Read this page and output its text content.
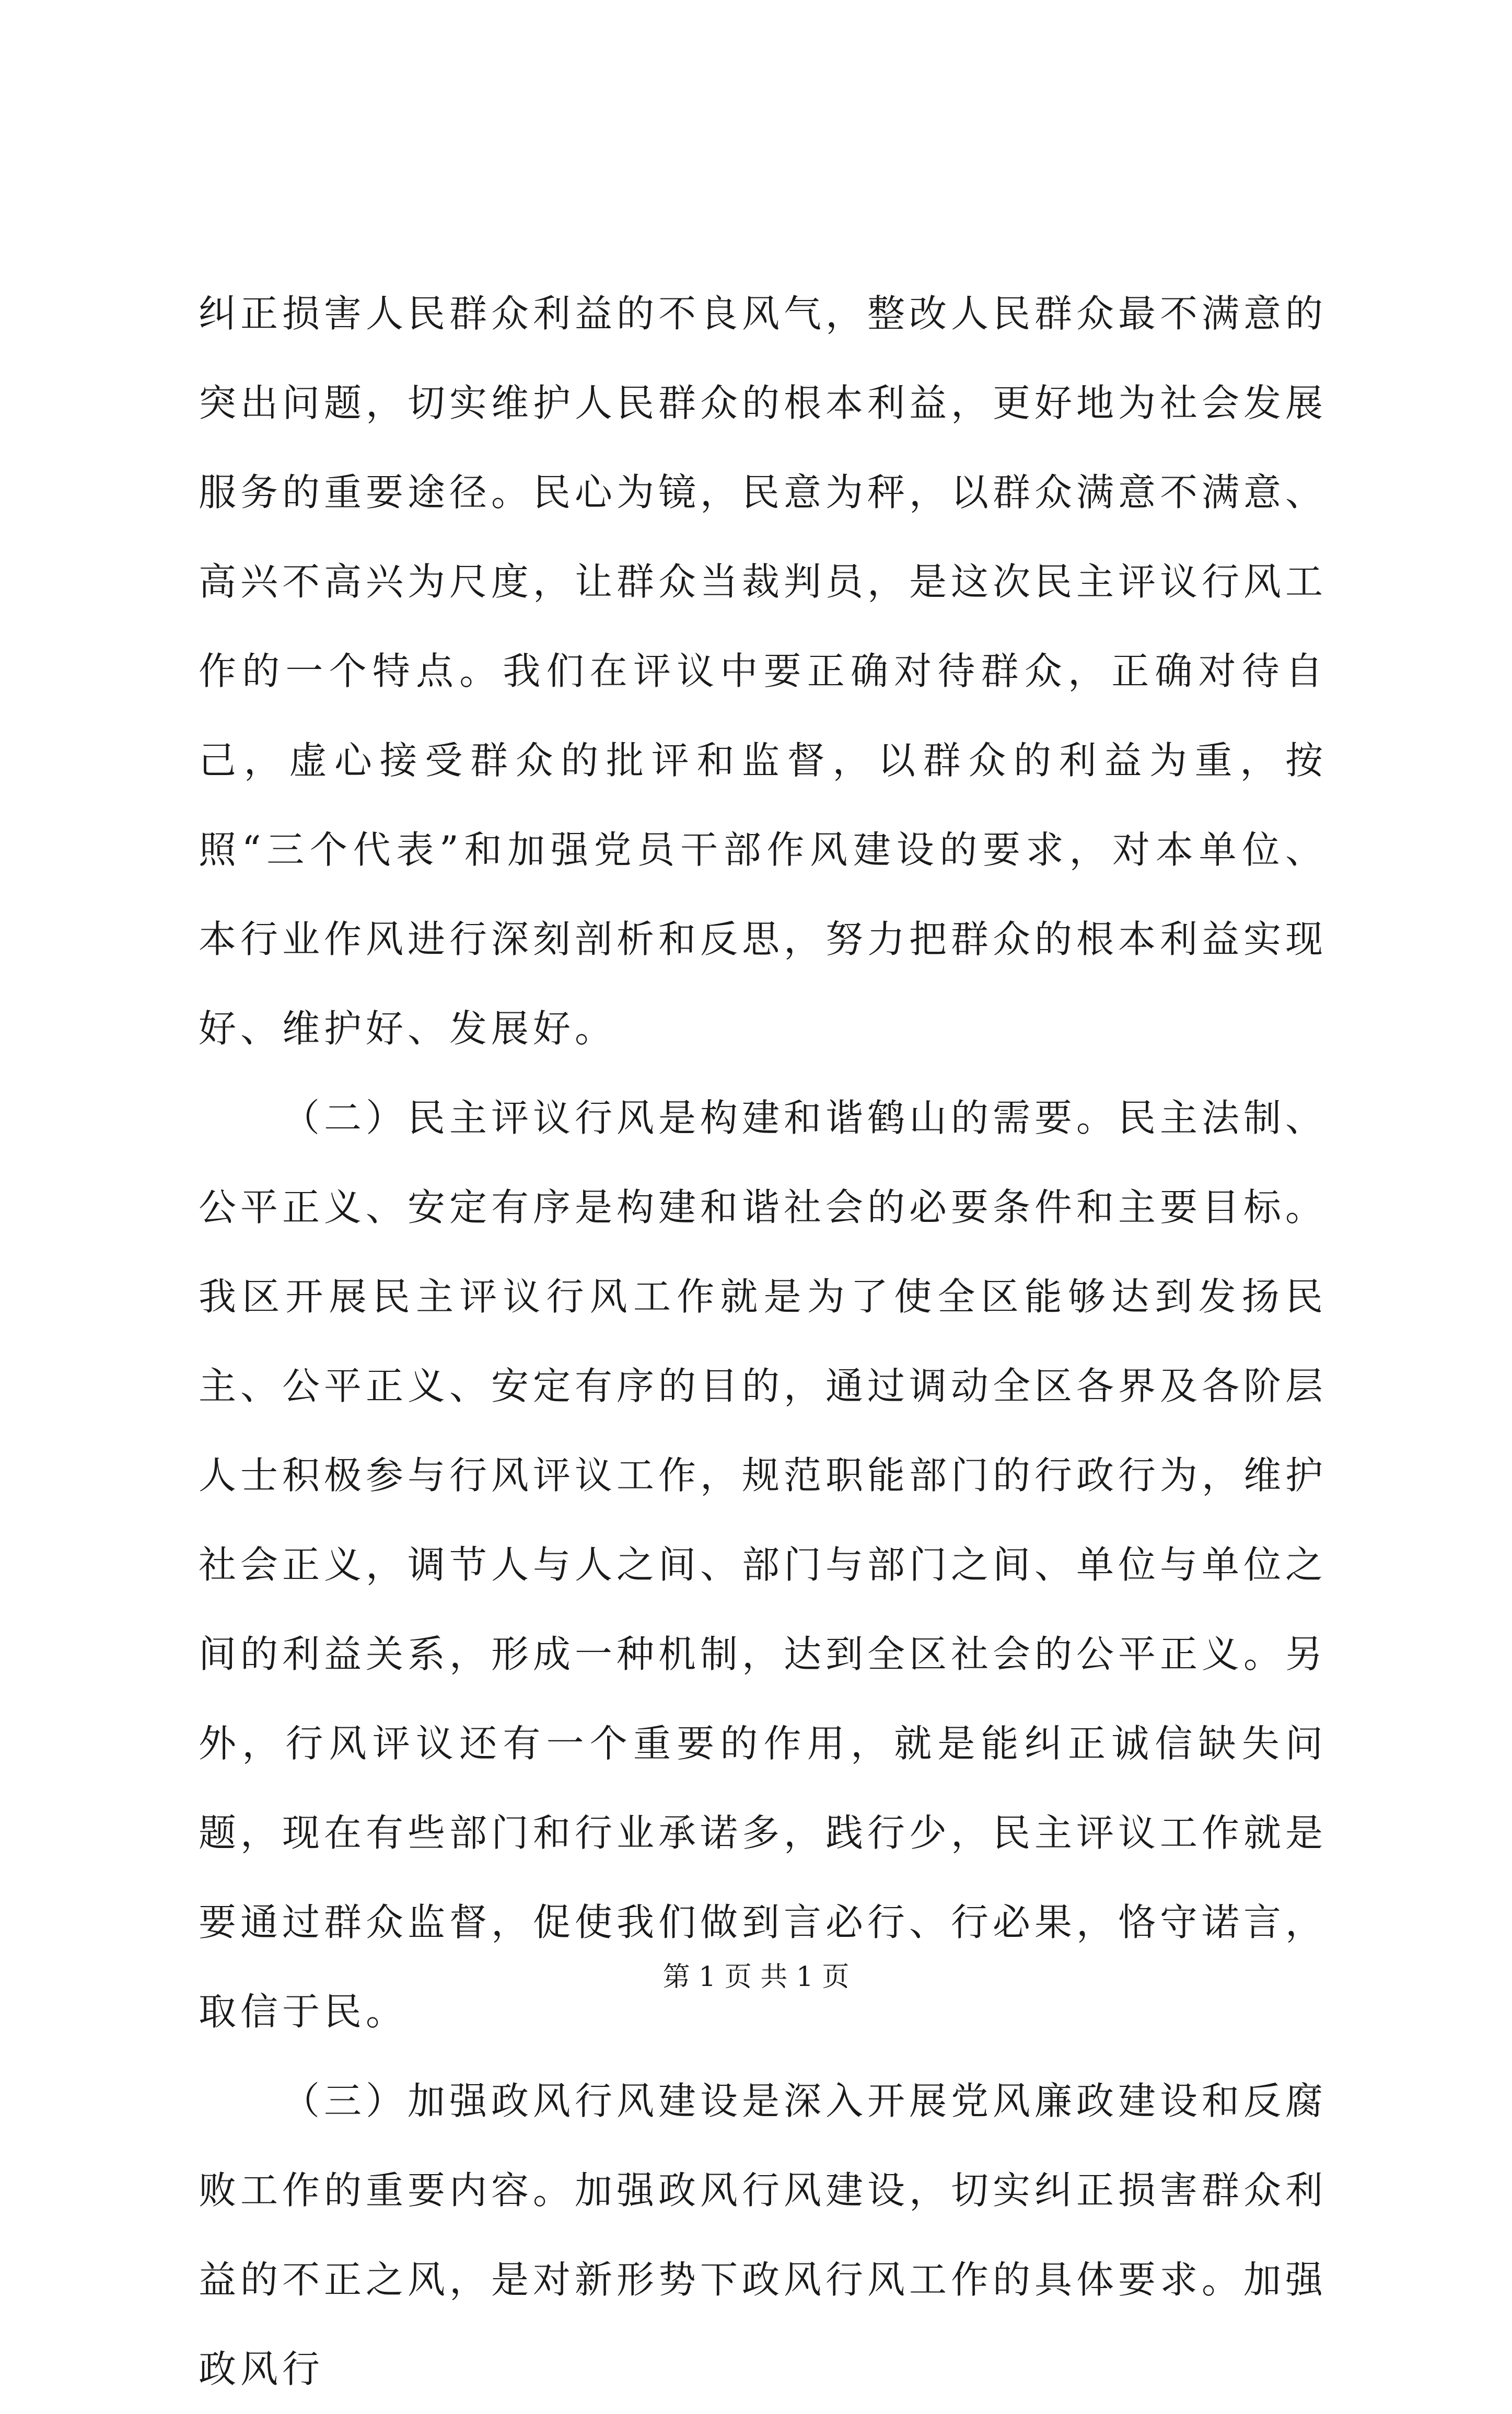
纠正损害人民群众利益的不良风气，整改人民群众最不满意的突出问题，切实维护人民群众的根本利益，更好地为社会发展服务的重要途径。民心为镜，民意为秤，以群众满意不满意、高兴不高兴为尺度，让群众当裁判员，是这次民主评议行风工作的一个特点。我们在评议中要正确对待群众，正确对待自己，虚心接受群众的批评和监督，以群众的利益为重，按照“三个代表”和加强党员干部作风建设的要求，对本单位、本行业作风进行深刻剖析和反思，努力把群众的根本利益实现好、维护好、发展好。

（二）民主评议行风是构建和谐鹤山的需要。民主法制、公平正义、安定有序是构建和谐社会的必要条件和主要目标。我区开展民主评议行风工作就是为了使全区能够达到发扬民主、公平正义、安定有序的目的，通过调动全区各界及各阶层人士积极参与行风评议工作，规范职能部门的行政行为，维护社会正义，调节人与人之间、部门与部门之间、单位与单位之间的利益关系，形成一种机制，达到全区社会的公平正义。另外，行风评议还有一个重要的作用，就是能纠正诚信缺失问题，现在有些部门和行业承诺多，践行少，民主评议工作就是要通过群众监督，促使我们做到言必行、行必果，恪守诺言，取信于民。

（三）加强政风行风建设是深入开展党风廉政建设和反腐败工作的重要内容。加强政风行风建设，切实纠正损害群众利益的不正之风，是对新形势下政风行风工作的具体要求。加强政风行

第 1 页 共 1 页
